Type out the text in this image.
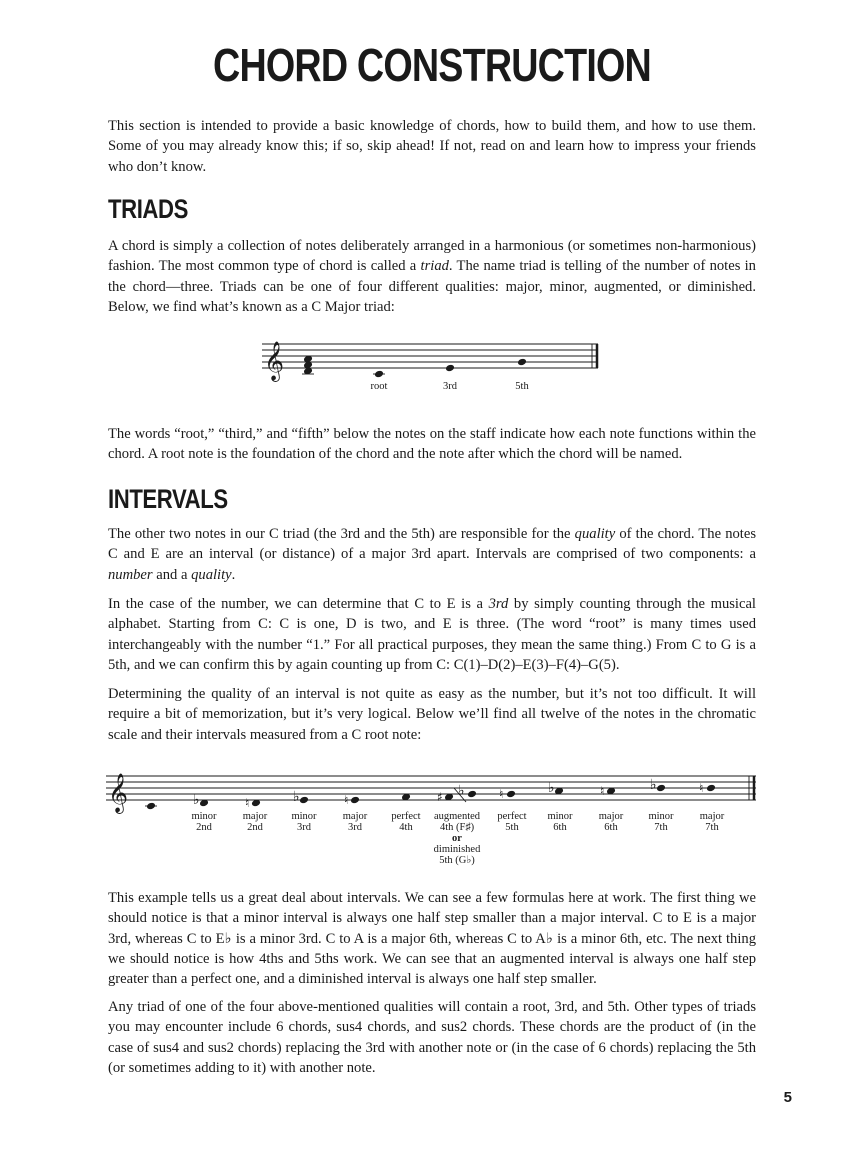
CHORD CONSTRUCTION

This section is intended to provide a basic knowledge of chords, how to build them, and how to use them. Some of you may already know this; if so, skip ahead! If not, read on and learn how to impress your friends who don’t know.

TRIADS

A chord is simply a collection of notes deliberately arranged in a harmonious (or sometimes non-harmonious) fashion. The most common type of chord is called a triad. The name triad is telling of the number of notes in the chord—three. Triads can be one of four different qualities: major, minor, augmented, or diminished. Below, we find what’s known as a C Major triad:

𝄞
root	3rd	5th

The words “root,” “third,” and “fifth” below the notes on the staff indicate how each note functions within the chord. A root note is the foundation of the chord and the note after which the chord will be named.

INTERVALS

The other two notes in our C triad (the 3rd and the 5th) are responsible for the quality of the chord. The notes C and E are an interval (or distance) of a major 3rd apart. Intervals are comprised of two components: a number and a quality.

In the case of the number, we can determine that C to E is a 3rd by simply counting through the musical alphabet. Starting from C: C is one, D is two, and E is three. (The word “root” is many times used interchangeably with the number “1.” For all practical purposes, they mean the same thing.) From C to G is a 5th, and we can confirm this by again counting up from C: C(1)–D(2)–E(3)–F(4)–G(5).

Determining the quality of an interval is not quite as easy as the number, but it’s not too difficult. It will require a bit of memorization, but it’s very logical. Below we’ll find all twelve of the notes in the chromatic scale and their intervals measured from a C root note:

𝄞	♭	♮	♭	♮	♯ ♭	♮	♭	♮	♭	♮
minor
2nd
major
2nd
minor
3rd
major
3rd
perfect
4th
augmented
4th (F♯)
or
diminished
5th (G♭)
perfect
5th
minor
6th
major
6th
minor
7th
major
7th

This example tells us a great deal about intervals. We can see a few formulas here at work. The first thing we should notice is that a minor interval is always one half step smaller than a major interval. C to E is a major 3rd, whereas C to E♭ is a minor 3rd. C to A is a major 6th, whereas C to A♭ is a minor 6th, etc. The next thing we should notice is how 4ths and 5ths work. We can see that an augmented interval is always one half step greater than a perfect one, and a diminished interval is always one half step smaller.

Any triad of one of the four above-mentioned qualities will contain a root, 3rd, and 5th. Other types of triads you may encounter include 6 chords, sus4 chords, and sus2 chords. These chords are the product of (in the case of sus4 and sus2 chords) replacing the 3rd with another note or (in the case of 6 chords) replacing the 5th (or sometimes adding to it) with another note.

5
